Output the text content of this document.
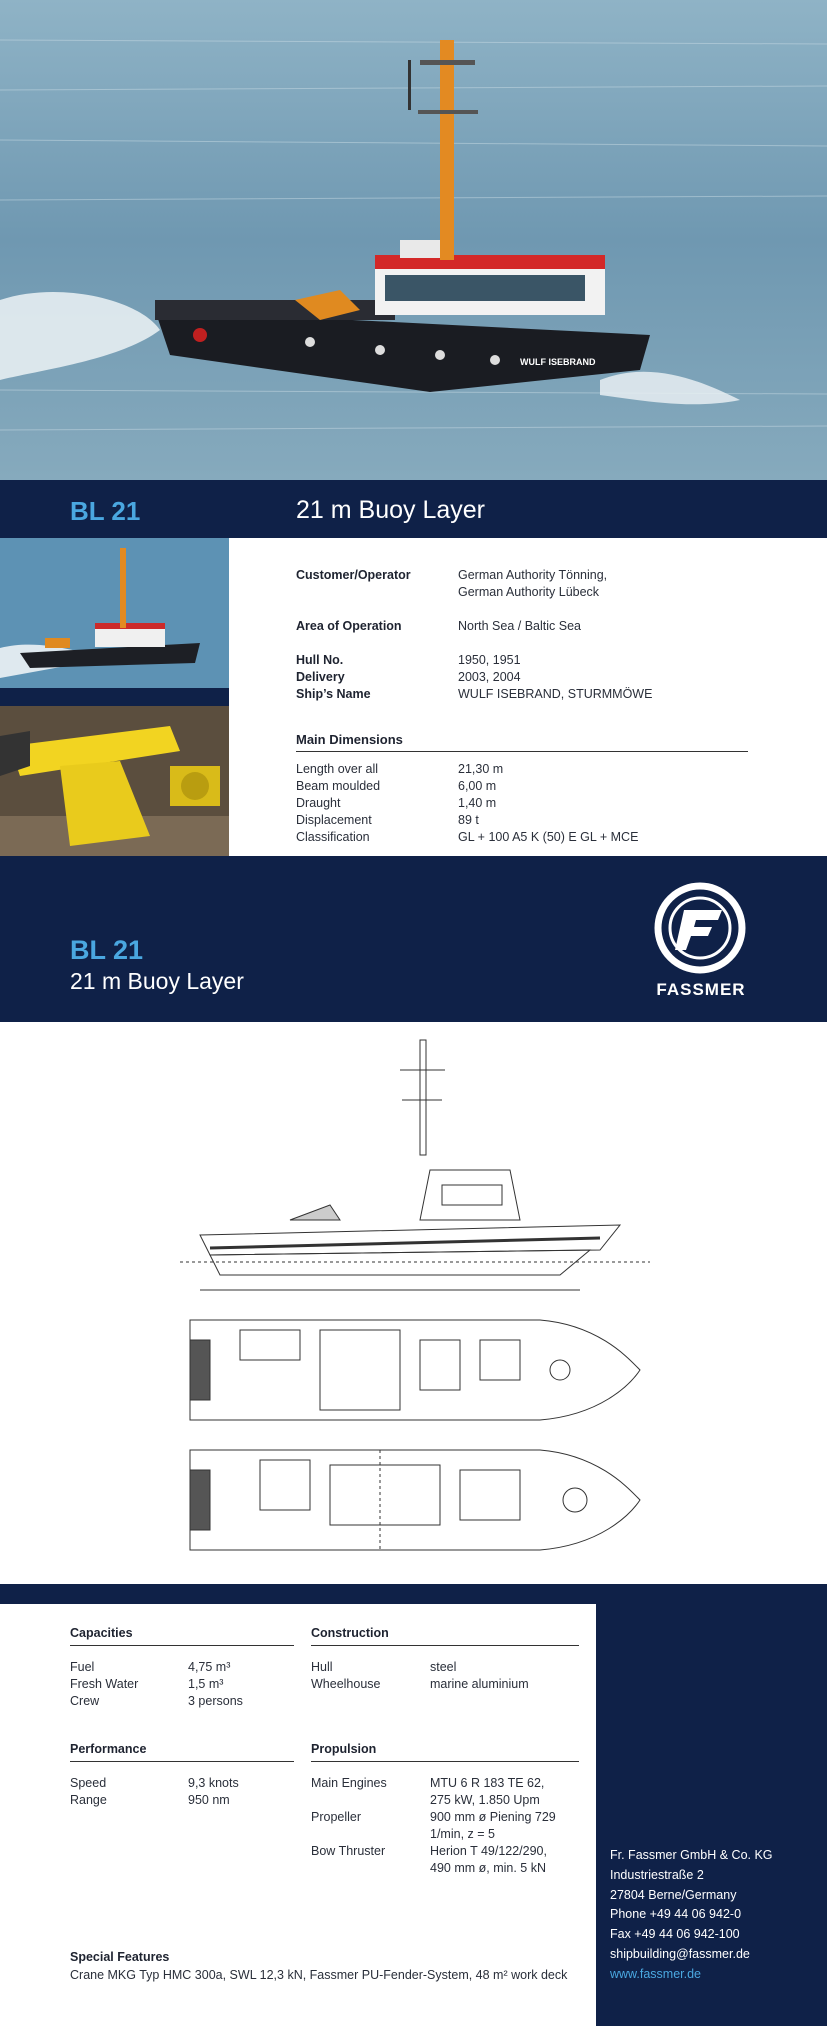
WULF ISEBRAND
BL 21	21 m Buoy Layer
Customer/Operator	German Authority Tönning,
German Authority Lübeck
Area of Operation	North Sea / Baltic Sea
Hull No.	1950, 1951
Delivery	2003, 2004
Ship’s Name	WULF ISEBRAND, STURMMÖWE
Main Dimensions
Length over all	21,30 m
Beam moulded	6,00 m
Draught	1,40 m
Displacement	89 t
Classification	GL + 100 A5 K (50) E GL + MCE
BL 21
21 m Buoy Layer	FASSMER
Capacities
Fuel	4,75 m³
Fresh Water	1,5 m³
Crew	3 persons
Construction
Hull	steel
Wheelhouse	marine aluminium
Performance
Speed	9,3 knots
Range	950 nm
Propulsion
Main Engines	MTU 6 R 183 TE 62,
275 kW, 1.850 Upm
Propeller	900 mm ø Piening 729
1/min, z = 5
Bow Thruster	Herion T 49/122/290,
490 mm ø, min. 5 kN
Special Features
Crane MKG Typ HMC 300a, SWL 12,3 kN, Fassmer PU-Fender-System, 48 m² work deck
Fr. Fassmer GmbH & Co. KG
Industriestraße 2
27804 Berne/Germany
Phone +49 44 06 942-0
Fax +49 44 06 942-100
shipbuilding@fassmer.de
www.fassmer.de
